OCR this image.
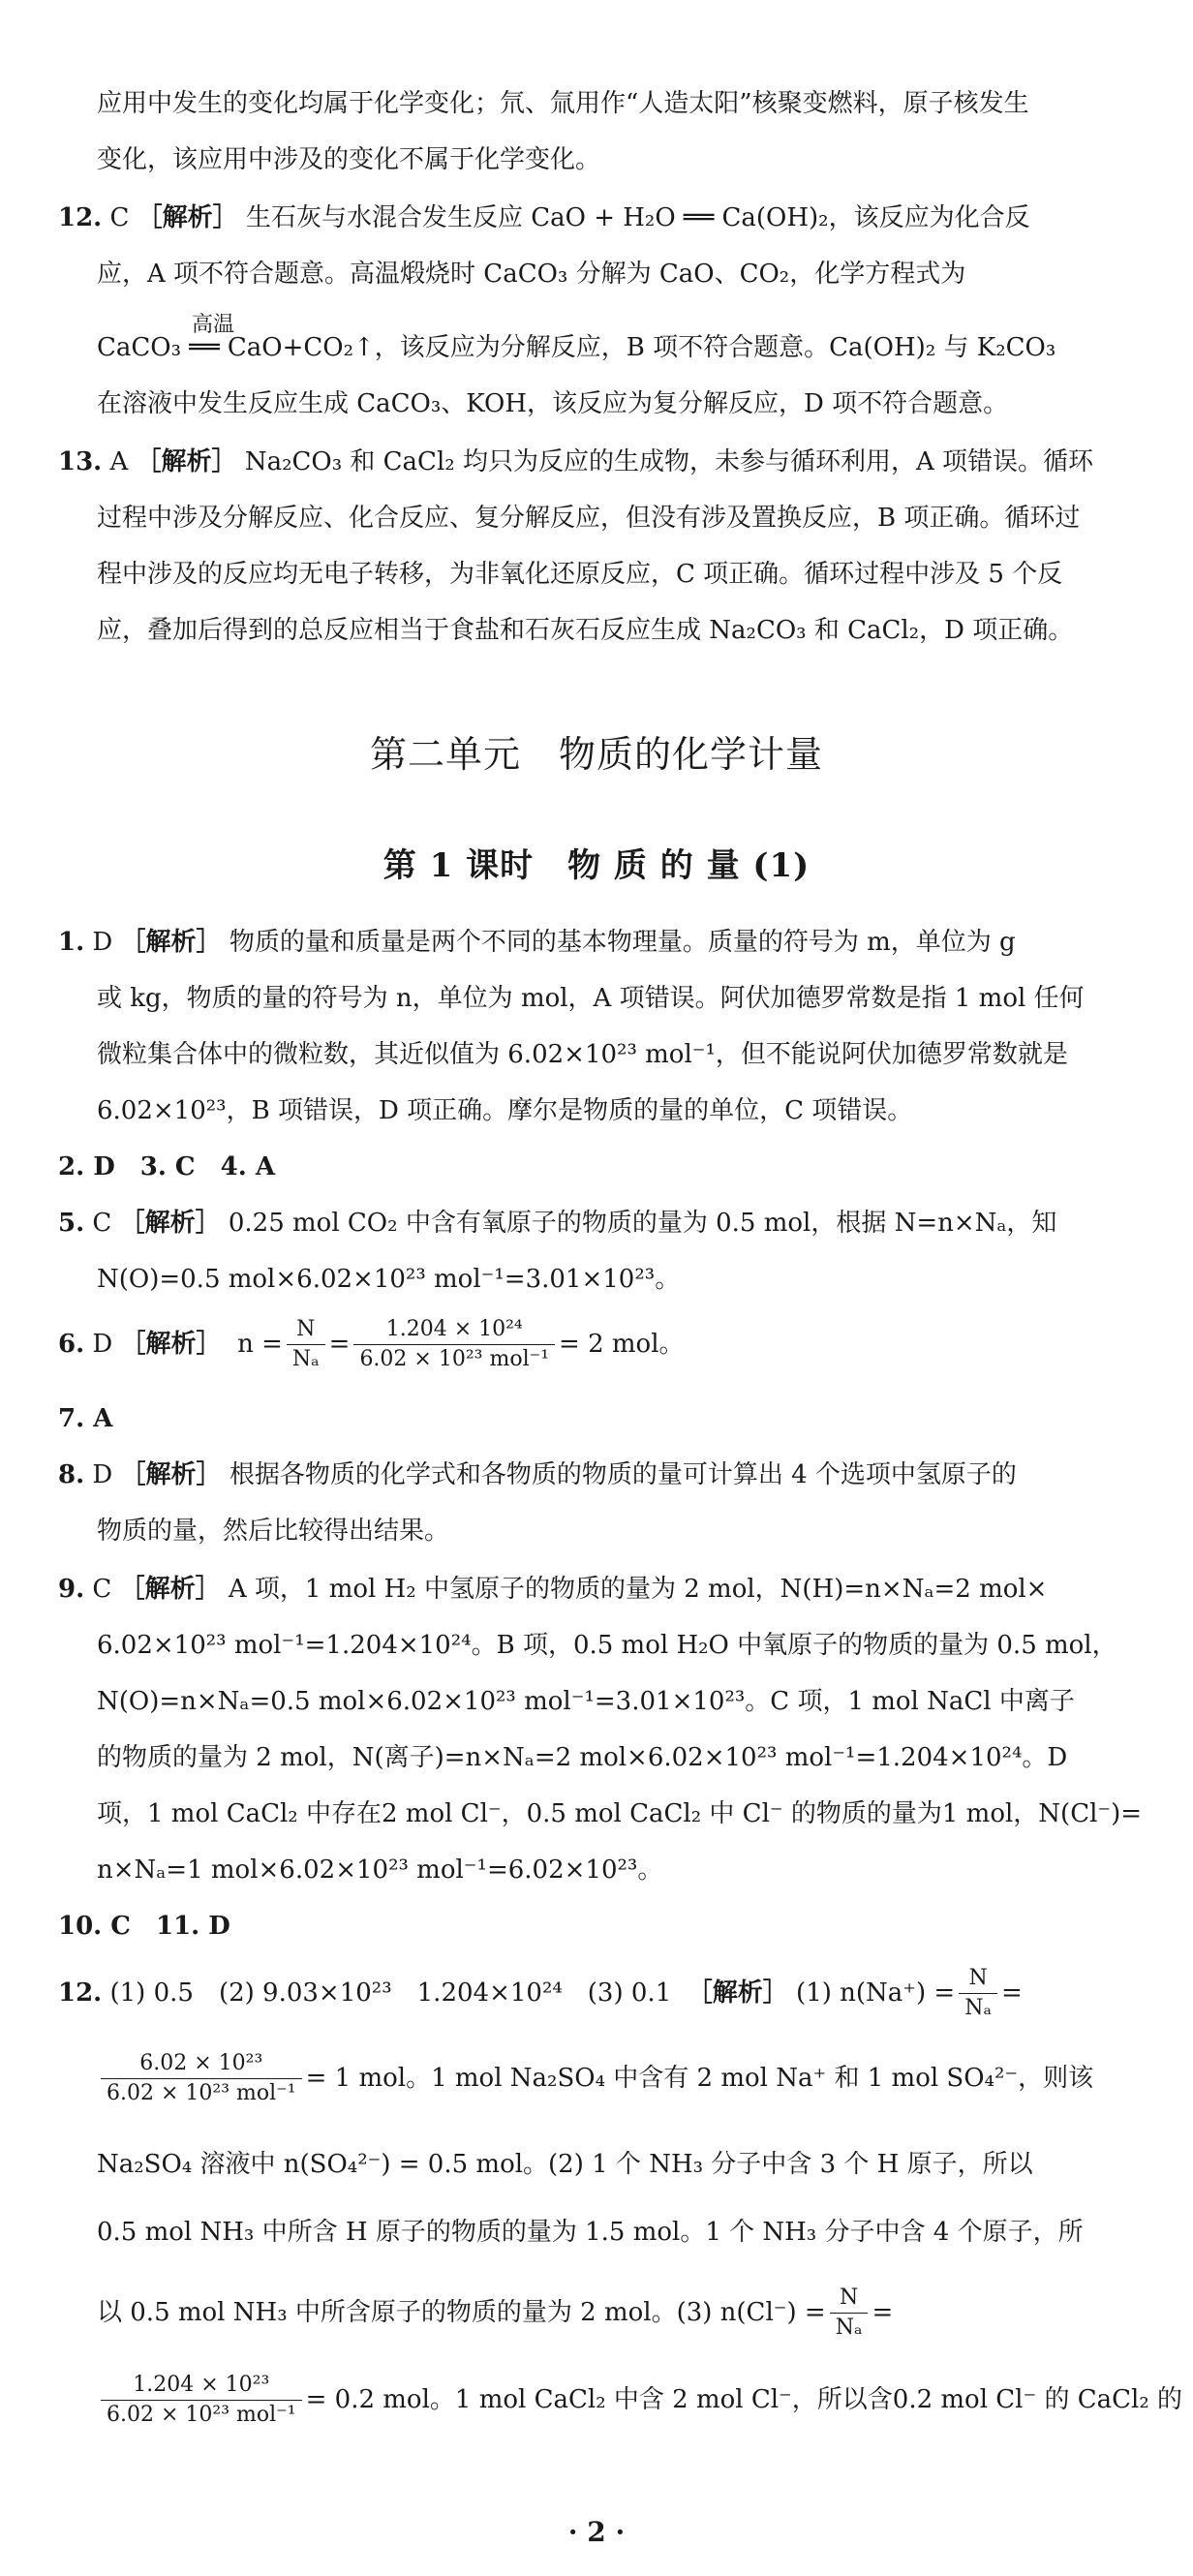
应用中发生的变化均属于化学变化；氘、氚用作“人造太阳”核聚变燃料，原子核发生
变化，该应用中涉及的变化不属于化学变化。
12. C ［解析］ 生石灰与水混合发生反应 CaO + H₂O ══ Ca(OH)₂，该反应为化合反
应，A 项不符合题意。高温煅烧时 CaCO₃ 分解为 CaO、CO₂，化学方程式为
高温
CaCO₃ ══ CaO+CO₂↑，该反应为分解反应，B 项不符合题意。Ca(OH)₂ 与 K₂CO₃
在溶液中发生反应生成 CaCO₃、KOH，该反应为复分解反应，D 项不符合题意。
13. A ［解析］ Na₂CO₃ 和 CaCl₂ 均只为反应的生成物，未参与循环利用，A 项错误。循环
过程中涉及分解反应、化合反应、复分解反应，但没有涉及置换反应，B 项正确。循环过
程中涉及的反应均无电子转移，为非氧化还原反应，C 项正确。循环过程中涉及 5 个反
应，叠加后得到的总反应相当于食盐和石灰石反应生成 Na₂CO₃ 和 CaCl₂，D 项正确。
第二单元　物质的化学计量
第 1 课时　物 质 的 量 (1)
1. D ［解析］ 物质的量和质量是两个不同的基本物理量。质量的符号为 m，单位为 g
或 kg，物质的量的符号为 n，单位为 mol，A 项错误。阿伏加德罗常数是指 1 mol 任何
微粒集合体中的微粒数，其近似值为 6.02×10²³ mol⁻¹，但不能说阿伏加德罗常数就是
6.02×10²³，B 项错误，D 项正确。摩尔是物质的量的单位，C 项错误。
2. D　3. C　4. A
5. C ［解析］ 0.25 mol CO₂ 中含有氧原子的物质的量为 0.5 mol，根据 N=n×Nₐ，知
N(O)=0.5 mol×6.02×10²³ mol⁻¹=3.01×10²³。
6.
D
［解析］
$n = \frac{N}{\text{Nₐ}} = \frac{\text{1.204 × 10²⁴}}{\text{6.02 × 10²³ mol⁻¹}} = 2$ mol。
7. A
8. D ［解析］ 根据各物质的化学式和各物质的物质的量可计算出 4 个选项中氢原子的
物质的量，然后比较得出结果。
9. C ［解析］ A 项，1 mol H₂ 中氢原子的物质的量为 2 mol，N(H)=n×Nₐ=2 mol×
6.02×10²³ mol⁻¹=1.204×10²⁴。B 项，0.5 mol H₂O 中氧原子的物质的量为 0.5 mol，
N(O)=n×Nₐ=0.5 mol×6.02×10²³ mol⁻¹=3.01×10²³。C 项，1 mol NaCl 中离子
的物质的量为 2 mol，N(离子)=n×Nₐ=2 mol×6.02×10²³ mol⁻¹=1.204×10²⁴。D
项，1 mol CaCl₂ 中存在2 mol Cl⁻，0.5 mol CaCl₂ 中 Cl⁻ 的物质的量为1 mol，N(Cl⁻)=
n×Nₐ=1 mol×6.02×10²³ mol⁻¹=6.02×10²³。
10. C　11. D
12.
(1) 0.5　(2) 9.03×10²³　1.204×10²⁴　(3) 0.1
［解析］
(1) $n(Na^+) = \frac{N}{\text{Nₐ}}$ =
$\frac{\text{6.02 × 10²³}}{\text{6.02 × 10²³ mol⁻¹}} = 1$ mol。1 mol Na₂SO₄ 中含有 2 mol Na⁺ 和 1 mol SO₄²⁻，则该
Na₂SO₄ 溶液中 n(SO₄²⁻) = 0.5 mol。(2) 1 个 NH₃ 分子中含 3 个 H 原子，所以
0.5 mol NH₃ 中所含 H 原子的物质的量为 1.5 mol。1 个 NH₃ 分子中含 4 个原子，所
以 0.5 mol NH₃ 中所含原子的物质的量为 2 mol。(3) $n(Cl^-) = \frac{N}{\text{Nₐ}}$ =
$\frac{\text{1.204 × 10²³}}{\text{6.02 × 10²³ mol⁻¹}} = 0.2$ mol。1 mol CaCl₂ 中含 2 mol Cl⁻，所以含0.2 mol Cl⁻ 的 CaCl₂ 的
· 2 ·
